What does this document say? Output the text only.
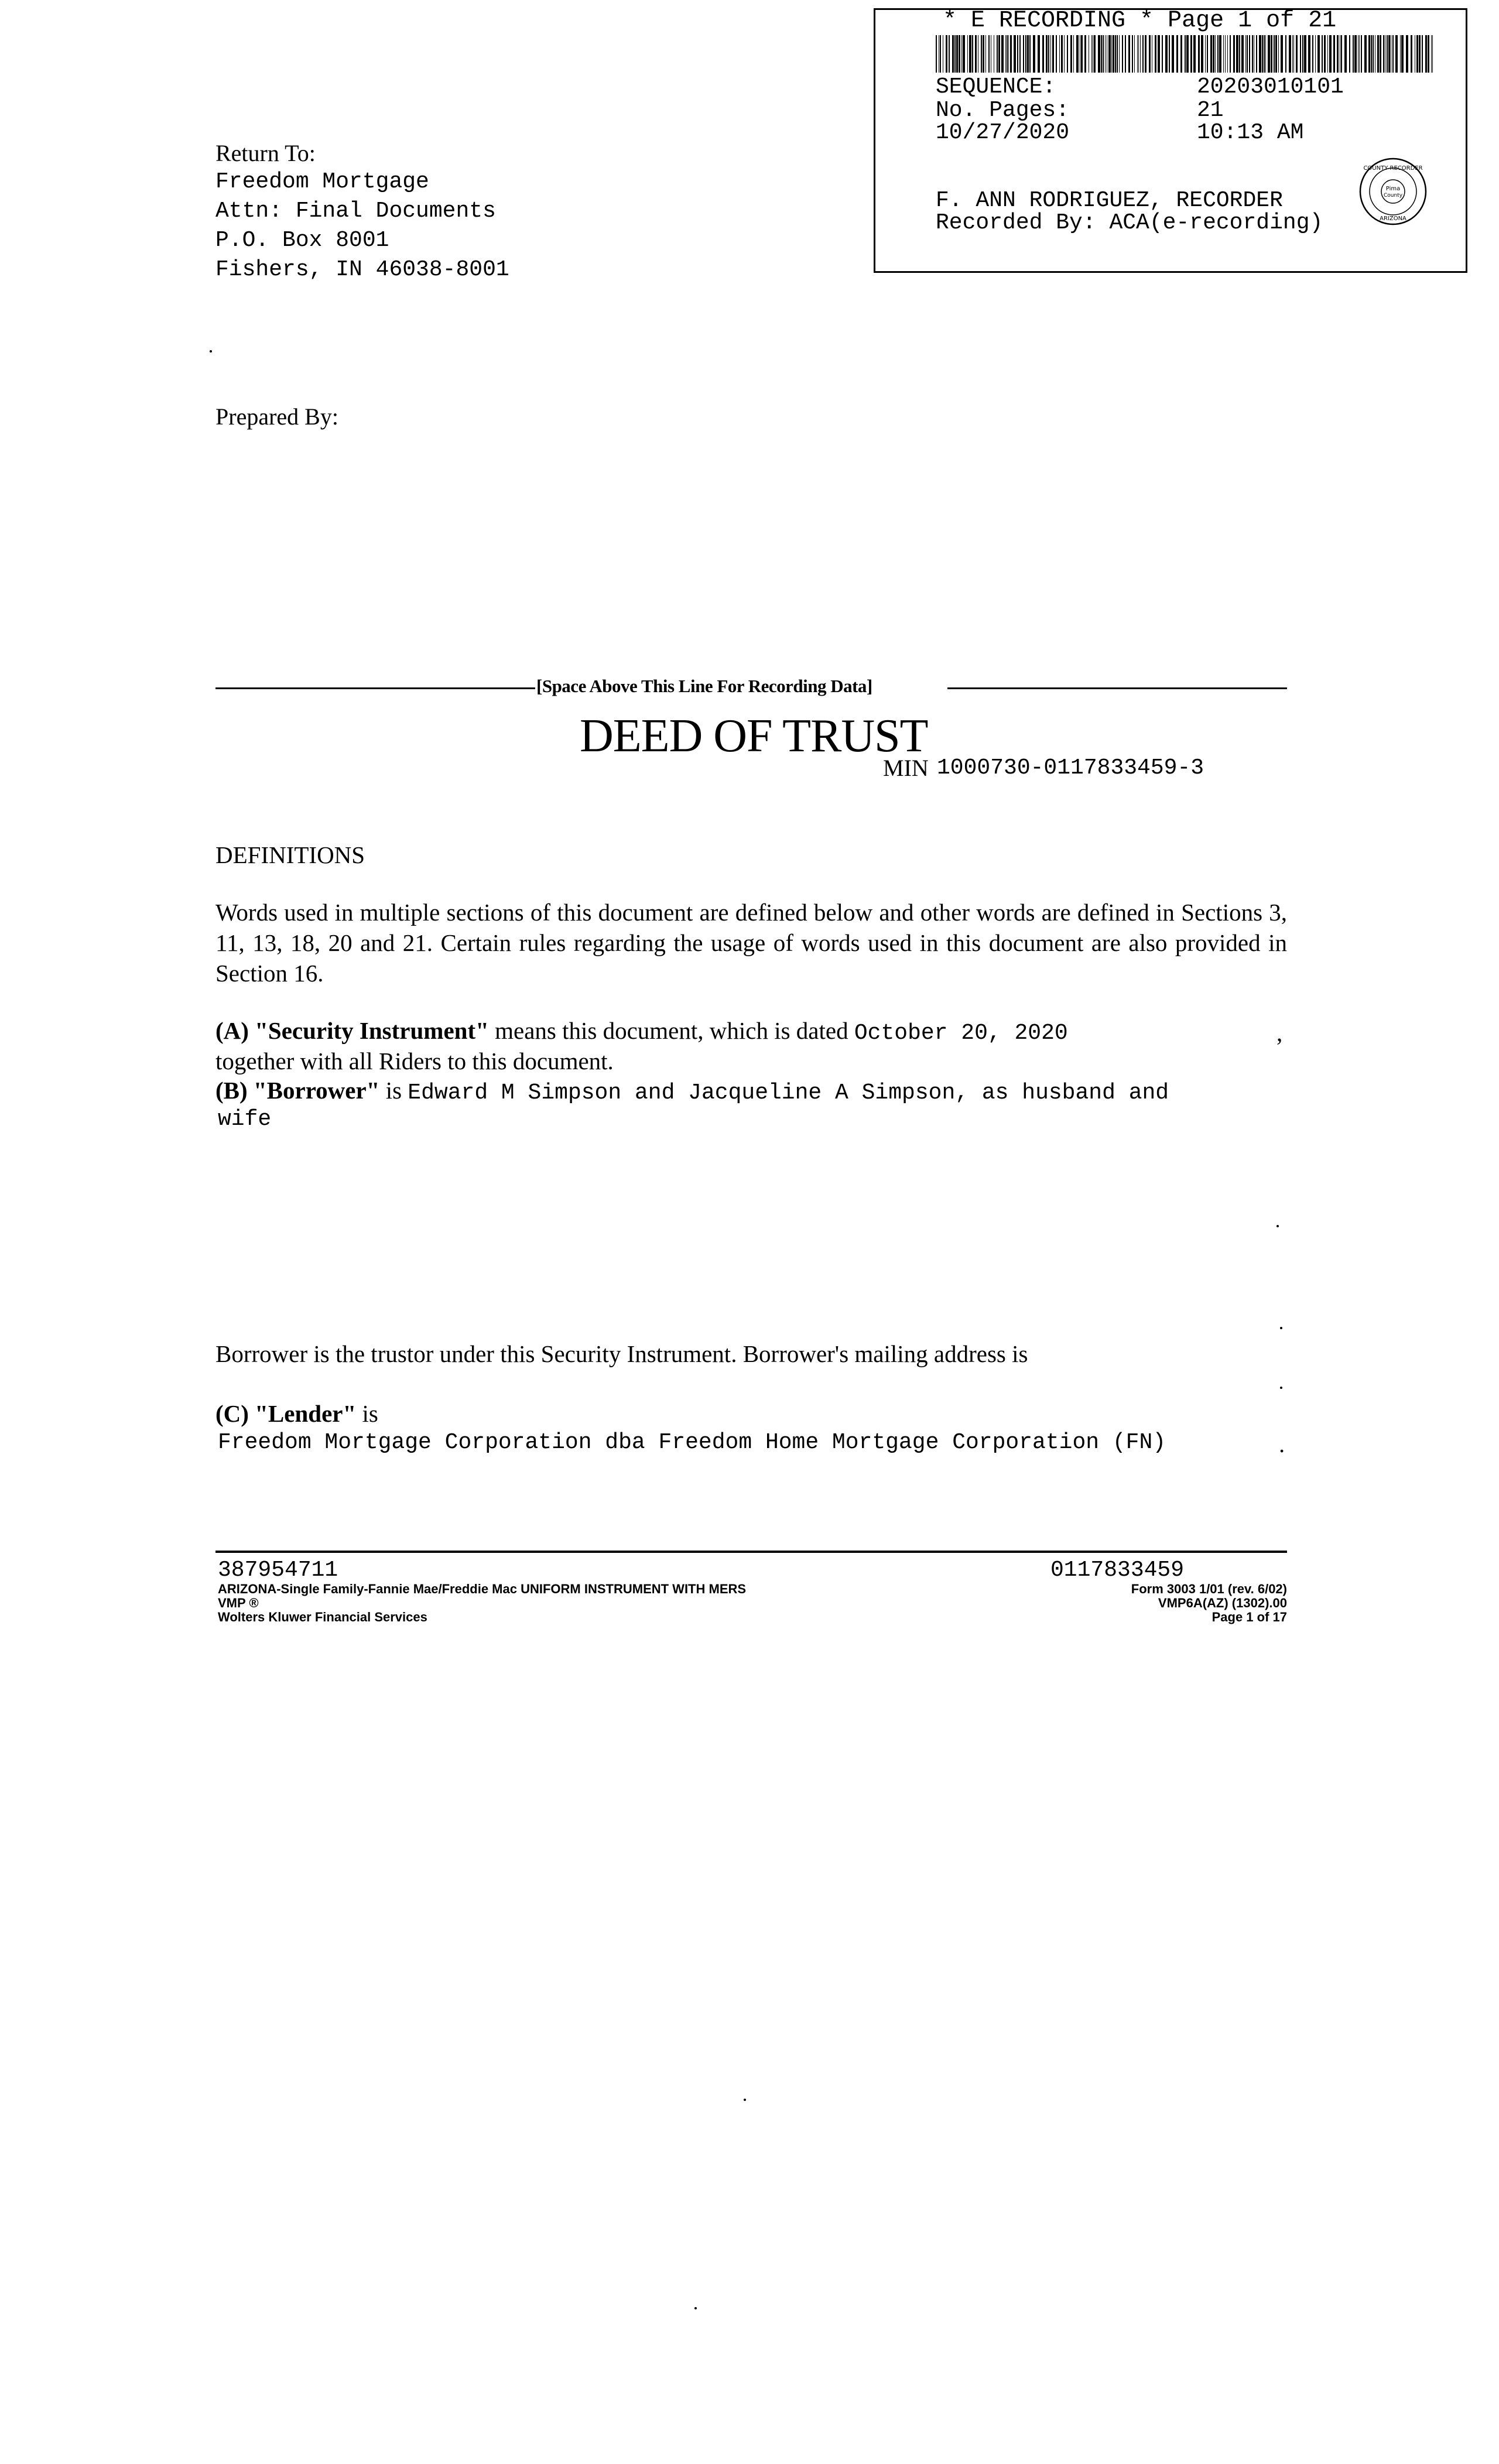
* E RECORDING * Page 1 of 21
SEQUENCE:	20203010101
No. Pages:	21
10/27/2020	10:13 AM
F. ANN RODRIGUEZ, RECORDER
Recorded By: ACA(e-recording)
COUNTY RECORDER
Pima
County
ARIZONA
Return To:
Freedom Mortgage
Attn: Final Documents
P.O. Box 8001
Fishers, IN 46038-8001
Prepared By:
[Space Above This Line For Recording Data]
DEED OF TRUST
MIN 1000730-0117833459-3
DEFINITIONS
Words used in multiple sections of this document are defined below and other words are defined in Sections 3, 11, 13, 18, 20 and 21. Certain rules regarding the usage of words used in this document are also provided in Section 16.
(A) "Security Instrument" means this document, which is dated October 20, 2020	,
together with all Riders to this document.
(B) "Borrower" is Edward M Simpson and Jacqueline A Simpson, as husband and
wife
Borrower is the trustor under this Security Instrument. Borrower's mailing address is
(C) "Lender" is
Freedom Mortgage Corporation dba Freedom Home Mortgage Corporation (FN)	.
387954711
ARIZONA-Single Family-Fannie Mae/Freddie Mac UNIFORM INSTRUMENT WITH MERS
VMP ®
Wolters Kluwer Financial Services
0117833459
Form 3003 1/01 (rev. 6/02)
VMP6A(AZ) (1302).00
Page 1 of 17
